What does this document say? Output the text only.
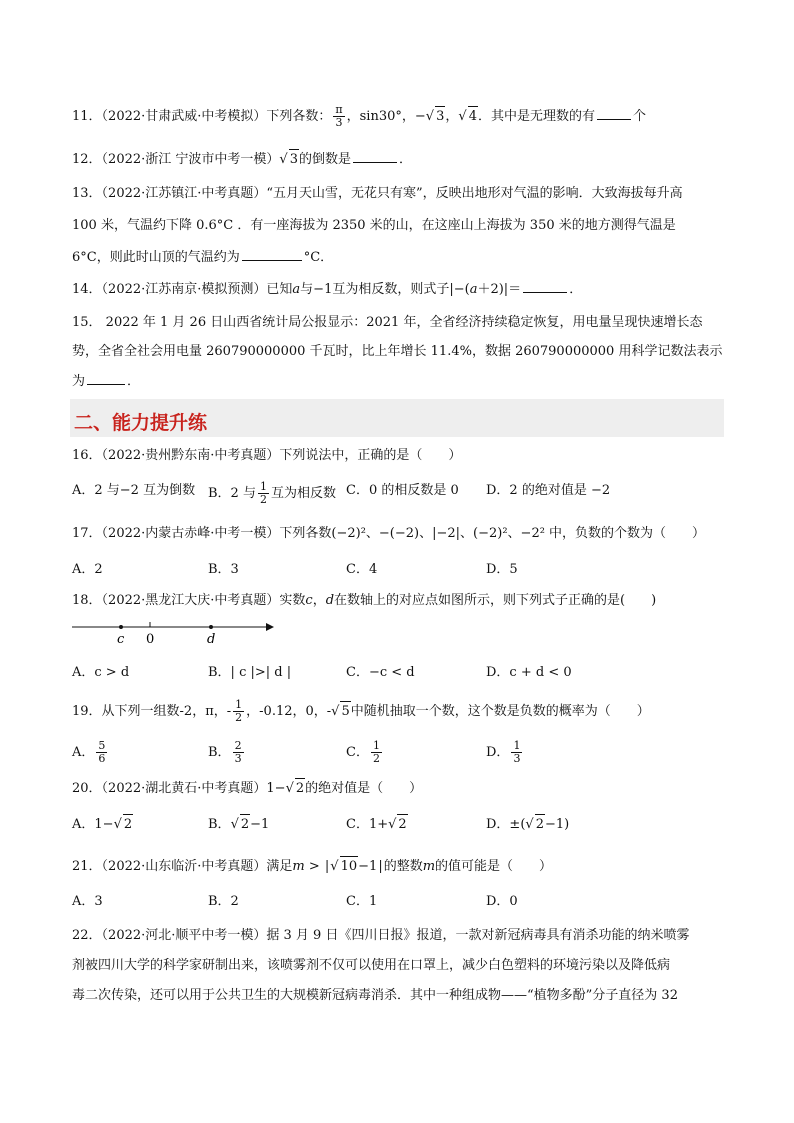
11．（2022·甘肃武威·中考模拟）下列各数： $\frac{\pi}{3}$ ，sin30°，−√ 3，√ 4．其中是无理数的有	个
12．（2022·浙江 宁波市中考一模）√ 3的倒数是	．
13．（2022·江苏镇江·中考真题）“五月天山雪，无花只有寒”，反映出地形对气温的影响．大致海拔每升高
100 米，气温约下降 0.6°C ．有一座海拔为 2350 米的山，在这座山上海拔为 350 米的地方测得气温是
6°C，则此时山顶的气温约为	°C．
14．（2022·江苏南京·模拟预测）已知a与−1互为相反数，则式子|−(a＋2)|＝	．
15． 2022 年 1 月 26 日山西省统计局公报显示：2021 年，全省经济持续稳定恢复，用电量呈现快速增长态
势，全省全社会用电量 260790000000 千瓦时，比上年增长 11.4%，数据 260790000000 用科学记数法表示
为	．
二、能力提升练
16．（2022·贵州黔东南·中考真题）下列说法中，正确的是（　　）
A．2 与−2 互为倒数 B．2 与 $\frac{1}{2}$ 互为相反数 C．0 的相反数是 0 D．2 的绝对值是 −2
17．（2022·内蒙古赤峰·中考一模）下列各数(−2)²、−(−2)、|−2|、(−2)²、−2² 中，负数的个数为（　　）
A．2	B．3	C．4	D．5
18．（2022·黑龙江大庆·中考真题）实数c，d在数轴上的对应点如图所示，则下列式子正确的是(　　)
c 0	d
A．c > d	B．| c |>| d |	C．−c < d	D．c + d < 0
19．从下列一组数-2，π，- $\frac{1}{2}$ ，-0.12，0，-√ 5中随机抽取一个数，这个数是负数的概率为（　　）
A． $\frac{5}{6}$	B． $\frac{2}{3}$	C． $\frac{1}{2}$	D． $\frac{1}{3}$
20．（2022·湖北黄石·中考真题）1−√ 2的绝对值是（　　）
A．1−√ 2	B．√ 2−1	C．1+√ 2	D．±(√ 2−1)
21．（2022·山东临沂·中考真题）满足m > |√ 10−1|的整数m的值可能是（　　）
A．3	B．2	C．1	D．0
22．（2022·河北·顺平中考一模）据 3 月 9 日《四川日报》报道，一款对新冠病毒具有消杀功能的纳米喷雾
剂被四川大学的科学家研制出来，该喷雾剂不仅可以使用在口罩上，减少白色塑料的环境污染以及降低病
毒二次传染，还可以用于公共卫生的大规模新冠病毒消杀．其中一种组成物——“植物多酚”分子直径为 32
